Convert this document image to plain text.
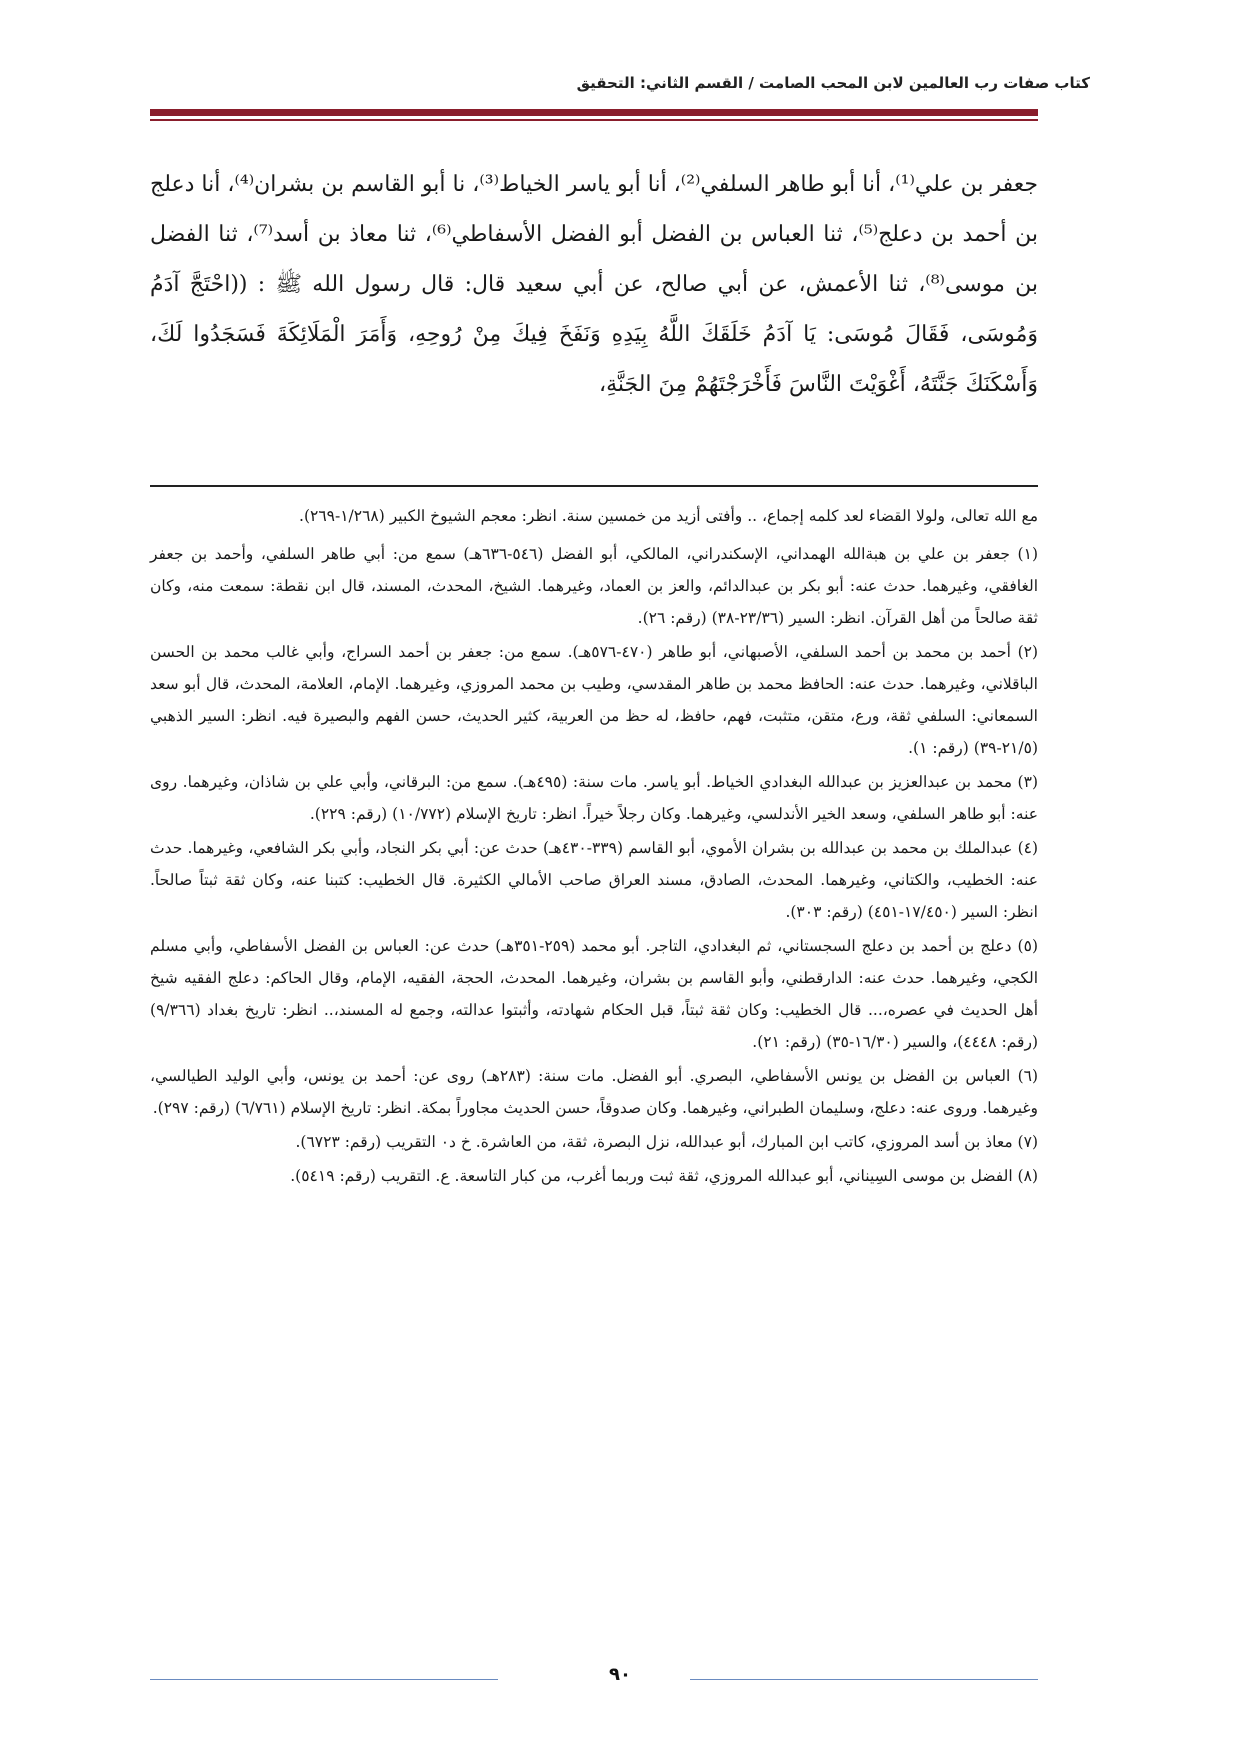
كتاب صفات رب العالمين لابن المحب الصامت / القسم الثاني: التحقيق

جعفر بن علي⁽¹⁾، أنا أبو طاهر السلفي⁽²⁾، أنا أبو ياسر الخياط⁽³⁾، نا أبو القاسم بن بشران⁽⁴⁾، أنا دعلج بن أحمد بن دعلج⁽⁵⁾، ثنا العباس بن الفضل أبو الفضل الأسفاطي⁽⁶⁾، ثنا معاذ بن أسد⁽⁷⁾، ثنا الفضل بن موسى⁽⁸⁾، ثنا الأعمش، عن أبي صالح، عن أبي سعيد قال: قال رسول الله ﷺ : ((احْتَجَّ آدَمُ وَمُوسَى، فَقَالَ مُوسَى: يَا آدَمُ خَلَقَكَ اللَّهُ بِيَدِهِ وَنَفَخَ فِيكَ مِنْ رُوحِهِ، وَأَمَرَ الْمَلَائِكَةَ فَسَجَدُوا لَكَ، وَأَسْكَنَكَ جَنَّتَهُ، أَغْوَيْتَ النَّاسَ فَأَخْرَجْتَهُمْ مِنَ الجَنَّةِ،

مع الله تعالى، ولولا القضاء لعد كلمه إجماع، .. وأفتى أزيد من خمسين سنة. انظر: معجم الشيوخ الكبير (١/٢٦٨-٢٦٩).
(١) جعفر بن علي بن هبةالله الهمداني، الإسكندراني، المالكي، أبو الفضل (٥٤٦-٦٣٦هـ) سمع من: أبي طاهر السلفي، وأحمد بن جعفر الغافقي، وغيرهما. حدث عنه: أبو بكر بن عبدالدائم، والعز بن العماد، وغيرهما. الشيخ، المحدث، المسند، قال ابن نقطة: سمعت منه، وكان ثقة صالحاً من أهل القرآن. انظر: السير (٢٣/٣٦-٣٨) (رقم: ٢٦).
(٢) أحمد بن محمد بن أحمد السلفي، الأصبهاني، أبو طاهر (٤٧٠-٥٧٦هـ). سمع من: جعفر بن أحمد السراج، وأبي غالب محمد بن الحسن الباقلاني، وغيرهما. حدث عنه: الحافظ محمد بن طاهر المقدسي، وطيب بن محمد المروزي، وغيرهما. الإمام، العلامة، المحدث، قال أبو سعد السمعاني: السلفي ثقة، ورع، متقن، متثبت، فهم، حافظ، له حظ من العربية، كثير الحديث، حسن الفهم والبصيرة فيه. انظر: السير الذهبي (٢١/٥-٣٩) (رقم: ١).
(٣) محمد بن عبدالعزيز بن عبدالله البغدادي الخياط. أبو ياسر. مات سنة: (٤٩٥هـ). سمع من: البرقاني، وأبي علي بن شاذان، وغيرهما. روى عنه: أبو طاهر السلفي، وسعد الخير الأندلسي، وغيرهما. وكان رجلاً خيراً. انظر: تاريخ الإسلام (١٠/٧٧٢) (رقم: ٢٢٩).
(٤) عبدالملك بن محمد بن عبدالله بن بشران الأموي، أبو القاسم (٣٣٩-٤٣٠هـ) حدث عن: أبي بكر النجاد، وأبي بكر الشافعي، وغيرهما. حدث عنه: الخطيب، والكتاني، وغيرهما. المحدث، الصادق، مسند العراق صاحب الأمالي الكثيرة. قال الخطيب: كتبنا عنه، وكان ثقة ثبتاً صالحاً. انظر: السير (١٧/٤٥٠-٤٥١) (رقم: ٣٠٣).
(٥) دعلج بن أحمد بن دعلج السجستاني، ثم البغدادي، التاجر. أبو محمد (٢٥٩-٣٥١هـ) حدث عن: العباس بن الفضل الأسفاطي، وأبي مسلم الكجي، وغيرهما. حدث عنه: الدارقطني، وأبو القاسم بن بشران، وغيرهما. المحدث، الحجة، الفقيه، الإمام، وقال الحاكم: دعلج الفقيه شيخ أهل الحديث في عصره،... قال الخطيب: وكان ثقة ثبتاً، قبل الحكام شهادته، وأثبتوا عدالته، وجمع له المسند،.. انظر: تاريخ بغداد (٩/٣٦٦) (رقم: ٤٤٤٨)، والسير (١٦/٣٠-٣٥) (رقم: ٢١).
(٦) العباس بن الفضل بن يونس الأسفاطي، البصري. أبو الفضل. مات سنة: (٢٨٣هـ) روى عن: أحمد بن يونس، وأبي الوليد الطيالسي، وغيرهما. وروى عنه: دعلج، وسليمان الطبراني، وغيرهما. وكان صدوقاً، حسن الحديث مجاوراً بمكة. انظر: تاريخ الإسلام (٦/٧٦١) (رقم: ٢٩٧).
(٧) معاذ بن أسد المروزي، كاتب ابن المبارك، أبو عبدالله، نزل البصرة، ثقة، من العاشرة. خ د٠ التقريب (رقم: ٦٧٢٣).
(٨) الفضل بن موسى السِيناني، أبو عبدالله المروزي، ثقة ثبت وربما أغرب، من كبار التاسعة. ع. التقريب (رقم: ٥٤١٩).
٩٠
